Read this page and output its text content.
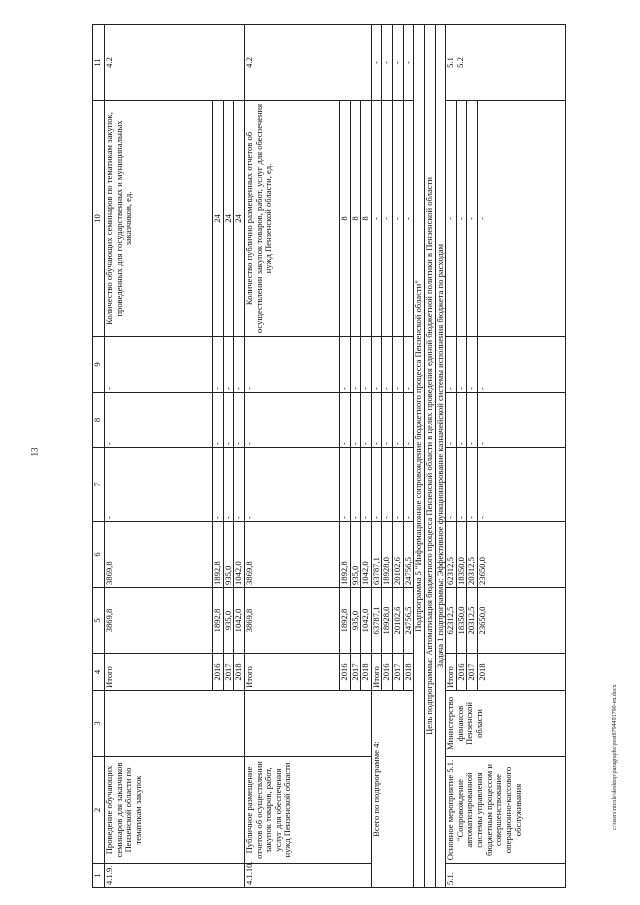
13
c:\users\nicole\desktop\paragraphs\post8794491790-en.docx
1	2	3	4	5	6	7	8	9	10	11
4.1.9.	Проведение обучающих семинаров для заказчиков Пензенской области по тематикам закупок		Итого	3869,8	3869,8	-	-	-	Количество обучающих семинаров по тематикам закупок, проведенных для государственных и муниципальных заказчиков, ед.	4.2
			2016	1892,8	1892,8	-	-	-	24	
			2017	935,0	935,0	-	-	-	24	
			2018	1042,0	1042,0	-	-	-	24	
4.1.10.	Публичное размещение отчетов об осуществлении закупок товаров, работ, услуг для обеспечения нужд Пензенской области		Итого	3869,8	3869,8	-	-	-	Количество публично размещенных отчетов об осуществлении закупок товаров, работ, услуг для обеспечения нужд Пензенской области, ед.	4.2
			2016	1892,8	1892,8	-	-	-	8	
			2017	935,0	935,0	-	-	-	8	
			2018	1042,0	1042,0	-	-	-	8	
Всего по подпрограмме 4:			Итого	63787,1	63787,1	-	-	-	-	-
			2016	18928,0	18928,0	-	-	-	-	-
			2017	20102,6	20102,6	-	-	-	-	-
			2018	24756,5	24756,5	-	-	-	-	-
Подпрограмма 5 "Информационное сопровождение бюджетного процесса Пензенской области"										
Цель подпрограммы: Автоматизация бюджетного процесса Пензенской области в целях проведения единой бюджетной политики в Пензенской области										
Задача 1 подпрограммы: Эффективное функционирование казначейской системы исполнения бюджета по расходам										
5.1.	Основное мероприятие 5.1. "Сопровождение автоматизированной системы управления бюджетным процессом и совершенствование операционно-кассового обслуживания	Министерство финансов Пензенской области	Итого	62312,5	62312,5	-	-	-	-	5.1
5.2
			2016	18350,0	18350,0	-	-	-	-	
			2017	20312,5	20312,5	-	-	-	-	
			2018	23650,0	23650,0	-	-	-	-	
